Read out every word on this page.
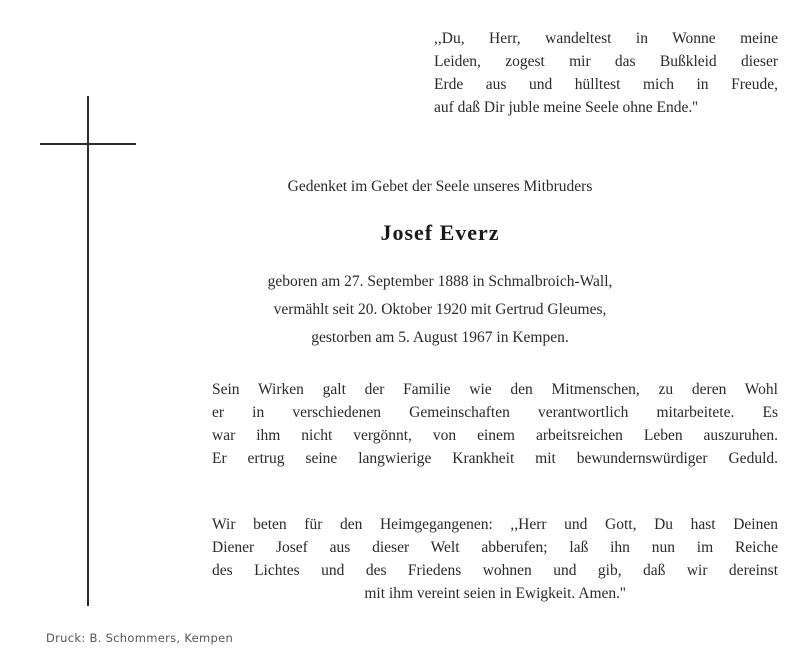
,,Du, Herr, wandeltest in Wonne meine
Leiden, zogest mir das Bußkleid dieser
Erde aus und hülltest mich in Freude,
auf daß Dir juble meine Seele ohne Ende.''
Gedenket im Gebet der Seele unseres Mitbruders
Josef Everz
geboren am 27. September 1888 in Schmalbroich-Wall,
vermählt seit 20. Oktober 1920 mit Gertrud Gleumes,
gestorben am 5. August 1967 in Kempen.
Sein Wirken galt der Familie wie den Mitmenschen, zu deren Wohl
er in verschiedenen Gemeinschaften verantwortlich mitarbeitete. Es
war ihm nicht vergönnt, von einem arbeitsreichen Leben auszuruhen.
Er ertrug seine langwierige Krankheit mit bewundernswürdiger Geduld.
Wir beten für den Heimgegangenen: ,,Herr und Gott, Du hast Deinen
Diener Josef aus dieser Welt abberufen; laß ihn nun im Reiche
des Lichtes und des Friedens wohnen und gib, daß wir dereinst
mit ihm vereint seien in Ewigkeit. Amen.''
Druck: B. Schommers, Kempen
